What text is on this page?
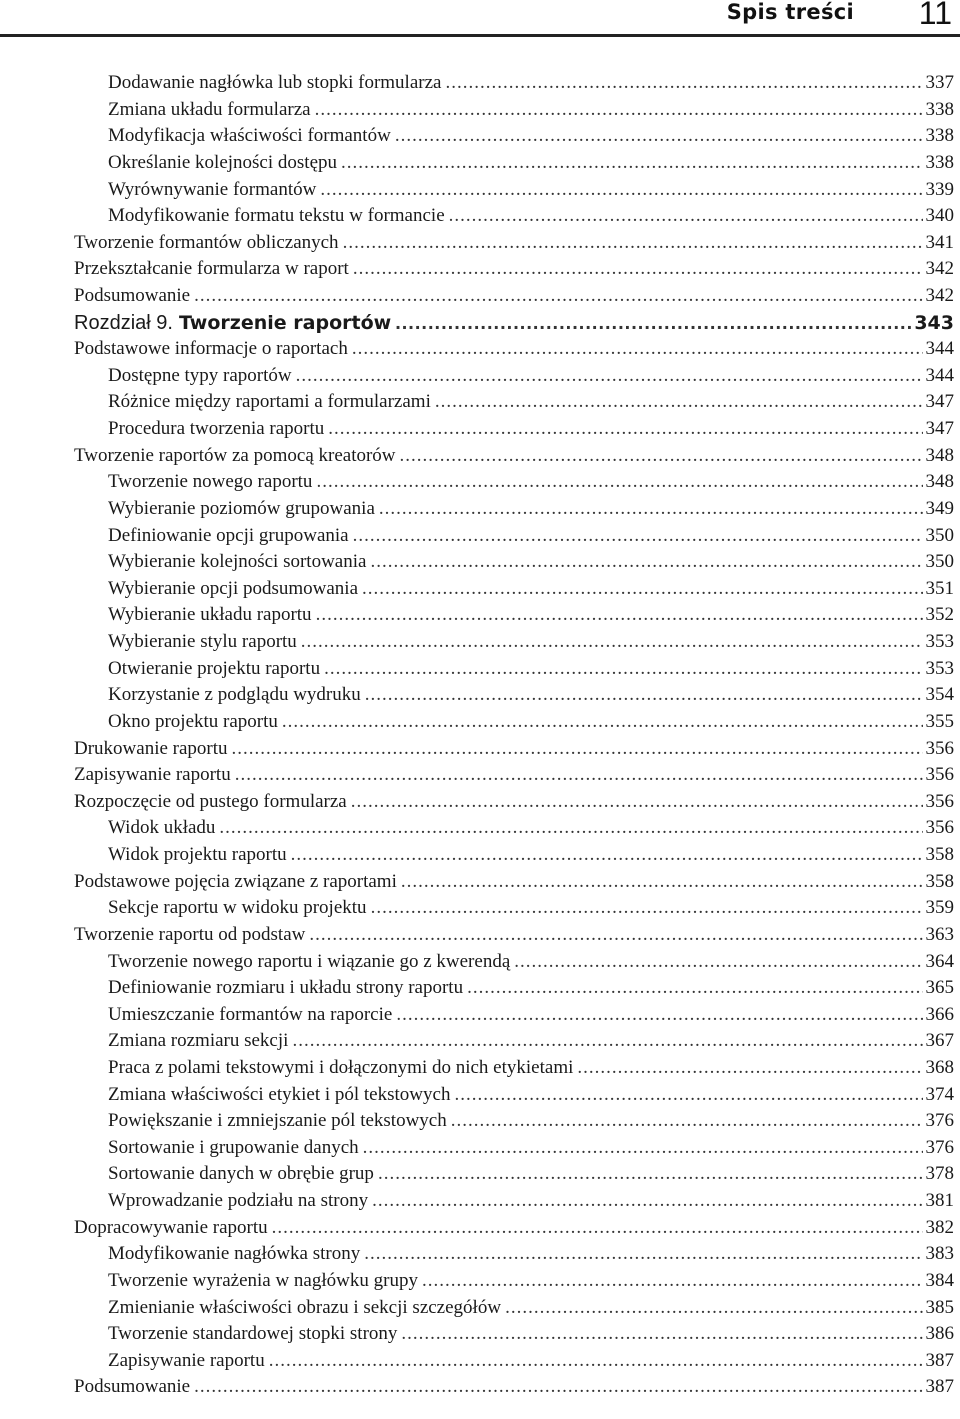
Spis treści 11
Dodawanie nagłówka lub stopki formularza .....	337
Zmiana układu formularza .....	338
Modyfikacja właściwości formantów .....	338
Określanie kolejności dostępu .....	338
Wyrównywanie formantów .....	339
Modyfikowanie formatu tekstu w formancie .....	340
Tworzenie formantów obliczanych .....	341
Przekształcanie formularza w raport .....	342
Podsumowanie .....	342
Rozdział 9. Tworzenie raportów .....	343
Podstawowe informacje o raportach .....	344
Dostępne typy raportów .....	344
Różnice między raportami a formularzami .....	347
Procedura tworzenia raportu .....	347
Tworzenie raportów za pomocą kreatorów .....	348
Tworzenie nowego raportu .....	348
Wybieranie poziomów grupowania .....	349
Definiowanie opcji grupowania .....	350
Wybieranie kolejności sortowania .....	350
Wybieranie opcji podsumowania .....	351
Wybieranie układu raportu .....	352
Wybieranie stylu raportu .....	353
Otwieranie projektu raportu .....	353
Korzystanie z podglądu wydruku .....	354
Okno projektu raportu .....	355
Drukowanie raportu .....	356
Zapisywanie raportu .....	356
Rozpoczęcie od pustego formularza .....	356
Widok układu .....	356
Widok projektu raportu .....	358
Podstawowe pojęcia związane z raportami .....	358
Sekcje raportu w widoku projektu .....	359
Tworzenie raportu od podstaw .....	363
Tworzenie nowego raportu i wiązanie go z kwerendą .....	364
Definiowanie rozmiaru i układu strony raportu .....	365
Umieszczanie formantów na raporcie .....	366
Zmiana rozmiaru sekcji .....	367
Praca z polami tekstowymi i dołączonymi do nich etykietami .....	368
Zmiana właściwości etykiet i pól tekstowych .....	374
Powiększanie i zmniejszanie pól tekstowych .....	376
Sortowanie i grupowanie danych .....	376
Sortowanie danych w obrębie grup .....	378
Wprowadzanie podziału na strony .....	381
Dopracowywanie raportu .....	382
Modyfikowanie nagłówka strony .....	383
Tworzenie wyrażenia w nagłówku grupy .....	384
Zmienianie właściwości obrazu i sekcji szczegółów .....	385
Tworzenie standardowej stopki strony .....	386
Zapisywanie raportu .....	387
Podsumowanie .....	387
